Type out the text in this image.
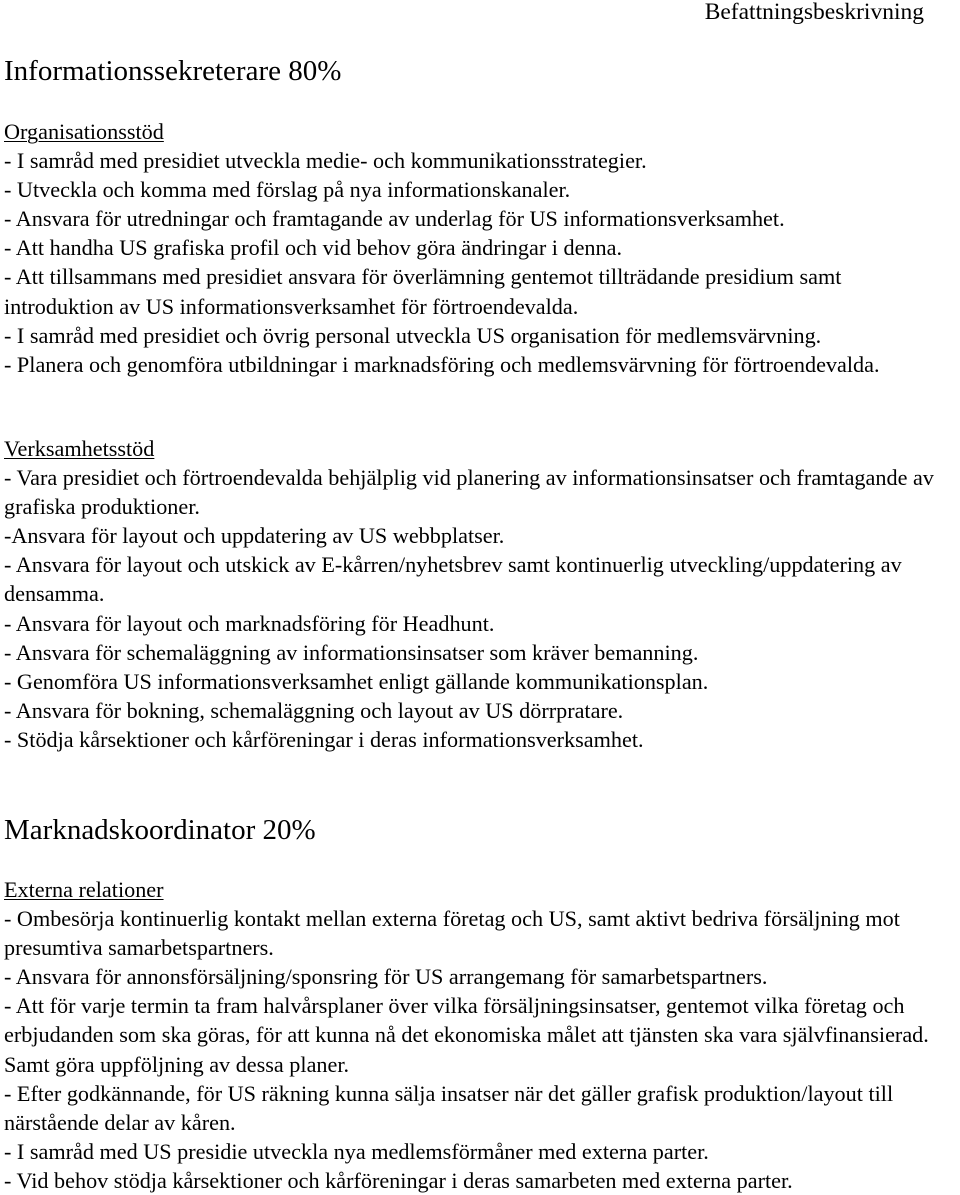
Befattningsbeskrivning
Informationssekreterare 80%
Organisationsstöd
- I samråd med presidiet utveckla medie- och kommunikationsstrategier.
- Utveckla och komma med förslag på nya informationskanaler.
- Ansvara för utredningar och framtagande av underlag för US informationsverksamhet.
- Att handha US grafiska profil och vid behov göra ändringar i denna.
- Att tillsammans med presidiet ansvara för överlämning gentemot tillträdande presidium samt introduktion av US informationsverksamhet för förtroendevalda.
- I samråd med presidiet och övrig personal utveckla US organisation för medlemsvärvning.
- Planera och genomföra utbildningar i marknadsföring och medlemsvärvning för förtroendevalda.
Verksamhetsstöd
- Vara presidiet och förtroendevalda behjälplig vid planering av informationsinsatser och framtagande av grafiska produktioner.
-Ansvara för layout och uppdatering av US webbplatser.
- Ansvara för layout och utskick av E-kårren/nyhetsbrev samt kontinuerlig utveckling/uppdatering av densamma.
- Ansvara för layout och marknadsföring för Headhunt.
- Ansvara för schemaläggning av informationsinsatser som kräver bemanning.
- Genomföra US informationsverksamhet enligt gällande kommunikationsplan.
- Ansvara för bokning, schemaläggning och layout av US dörrpratare.
- Stödja kårsektioner och kårföreningar i deras informationsverksamhet.
Marknadskoordinator 20%
Externa relationer
- Ombesörja kontinuerlig kontakt mellan externa företag och US, samt aktivt bedriva försäljning mot presumtiva samarbetspartners.
- Ansvara för annonsförsäljning/sponsring för US arrangemang för samarbetspartners.
- Att för varje termin ta fram halvårsplaner över vilka försäljningsinsatser, gentemot vilka företag och erbjudanden som ska göras, för att kunna nå det ekonomiska målet att tjänsten ska vara självfinansierad. Samt göra uppföljning av dessa planer.
- Efter godkännande, för US räkning kunna sälja insatser när det gäller grafisk produktion/layout till närstående delar av kåren.
- I samråd med US presidie utveckla nya medlemsförmåner med externa parter.
- Vid behov stödja kårsektioner och kårföreningar i deras samarbeten med externa parter.
